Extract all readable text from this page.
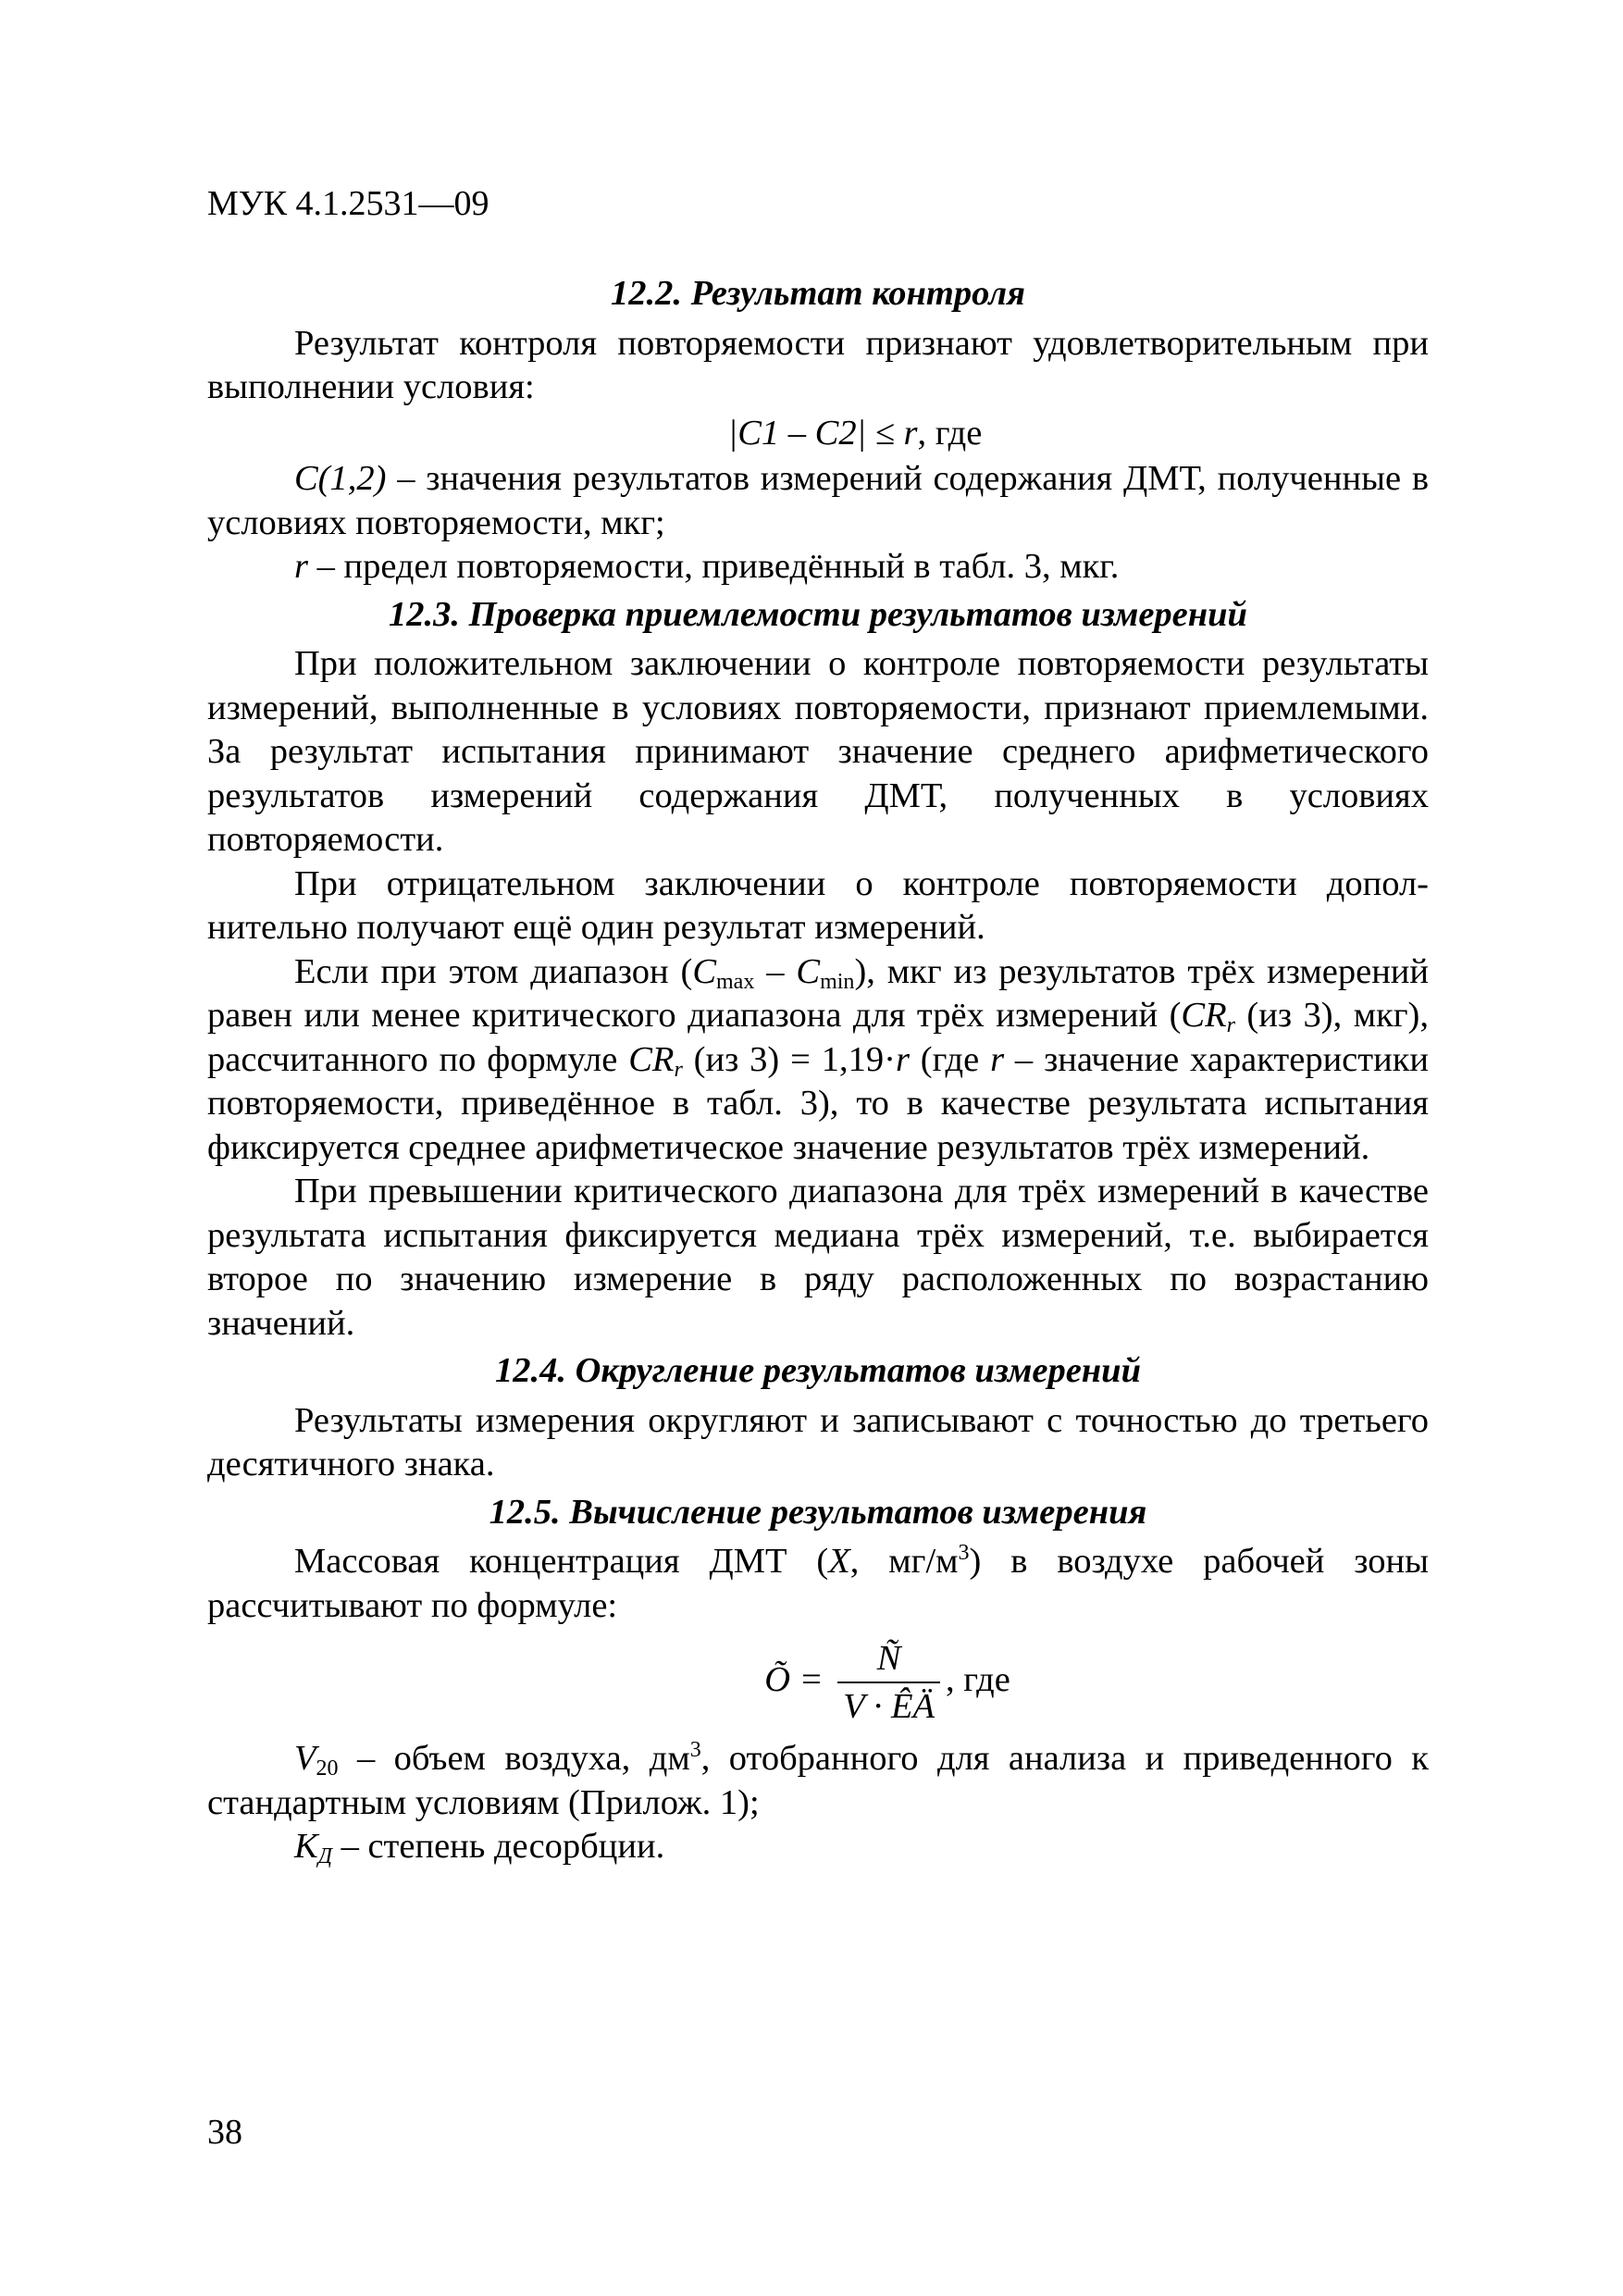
МУК 4.1.2531—09
12.2. Результат контроля

Результат контроля повторяемости признают удовлетворительным при выполнении условия:

|C1 – C2| ≤ r, где

C(1,2) – значения результатов измерений содержания ДМТ, полученные в условиях повторяемости, мкг;

r – предел повторяемости, приведённый в табл. 3, мкг.

12.3. Проверка приемлемости результатов измерений

При положительном заключении о контроле повторяемости результаты измерений, выполненные в условиях повторяемости, признают приемлемыми. За результат испытания принимают значение среднего арифметического результатов измерений содержания ДМТ, полученных в условиях повторяемости.

При отрицательном заключении о контроле повторяемости дополнительно получают ещё один результат измерений.

Если при этом диапазон $(C_{max} - C_{min})$, мкг из результатов трёх измерений равен или менее критического диапазона для трёх измерений ($CR_r$ (из 3), мкг), рассчитанного по формуле $CR_r$ (из 3) = 1,19·r (где r – значение характеристики повторяемости, приведённое в табл. 3), то в качестве результата испытания фиксируется среднее арифметическое значение результатов трёх измерений.

При превышении критического диапазона для трёх измерений в качестве результата испытания фиксируется медиана трёх измерений, т.е. выбирается второе по значению измерение в ряду расположенных по возрастанию значений.

12.4. Округление результатов измерений

Результаты измерения округляют и записывают с точностью до третьего десятичного знака.

12.5. Вычисление результатов измерения

Массовая концентрация ДМТ (X, $мг/м^3$) в воздухе рабочей зоны рассчитывают по формуле:

Õ = $\frac{Ñ}{V \cdot ÊÄ}$ , где

$V_{20}$ – объем воздуха, $дм^3$, отобранного для анализа и приведенного к стандартным условиям (Прилож. 1);

$K_Д$ – степень десорбции.

38
